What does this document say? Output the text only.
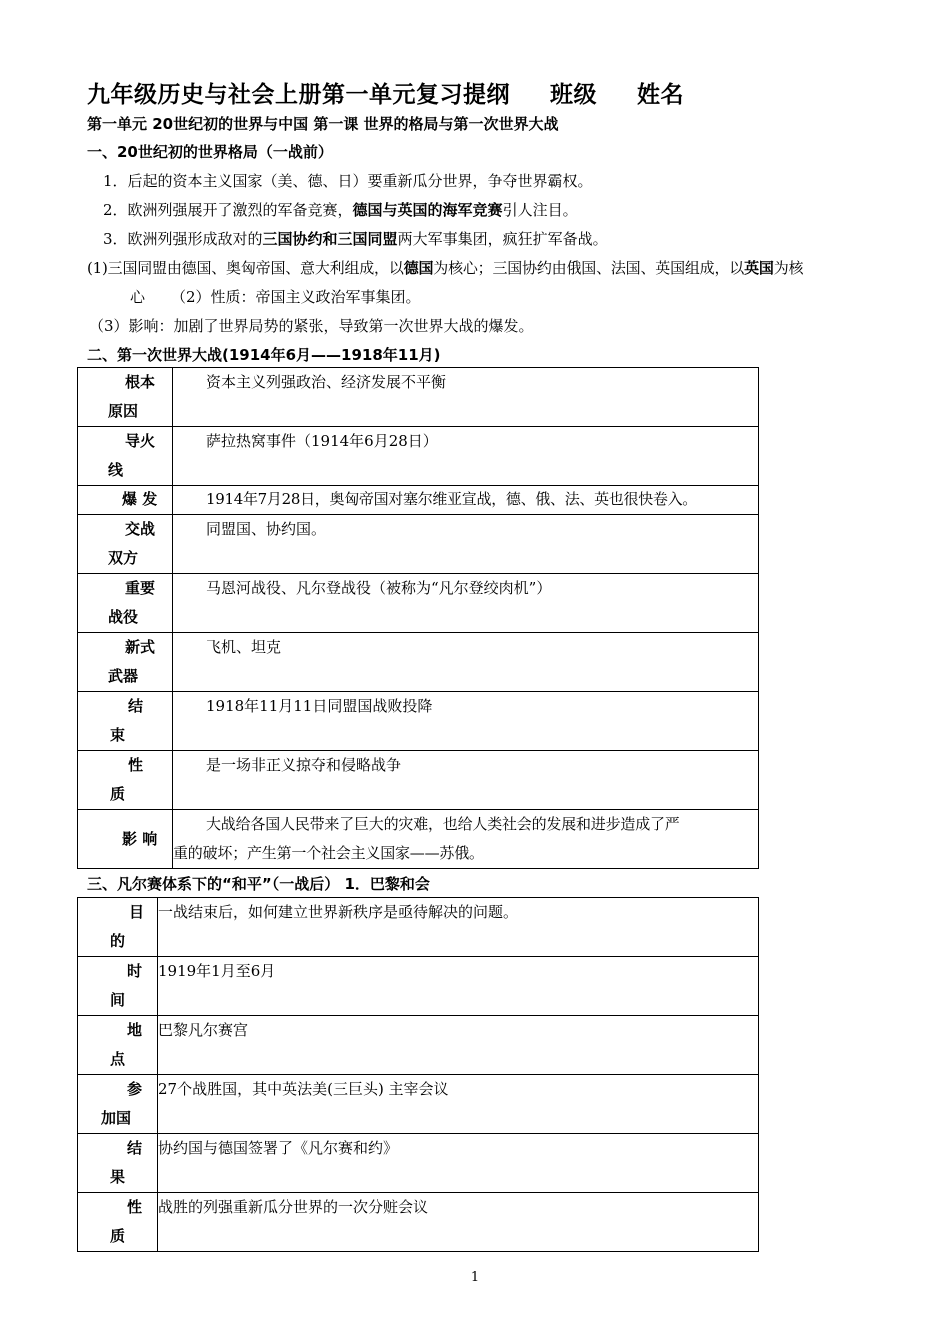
九年级历史与社会上册第一单元复习提纲 班级 姓名
第一单元 20世纪初的世界与中国 第一课 世界的格局与第一次世界大战
一、20世纪初的世界格局（一战前）
1．后起的资本主义国家（美、德、日）要重新瓜分世界，争夺世界霸权。
2．欧洲列强展开了激烈的军备竞赛，德国与英国的海军竞赛引人注目。
3．欧洲列强形成敌对的三国协约和三国同盟两大军事集团，疯狂扩军备战。
(1)三国同盟由德国、奥匈帝国、意大利组成，以德国为核心；三国协约由俄国、法国、英国组成，以英国为核
心 （2）性质：帝国主义政治军事集团。
（3）影响：加剧了世界局势的紧张，导致第一次世界大战的爆发。
二、第一次世界大战(1914年6月——1918年11月)
根本
原因	资本主义列强政治、经济发展不平衡

导火
线	萨拉热窝事件（1914年6月28日）

爆 发	1914年7月28日，奥匈帝国对塞尔维亚宣战，德、俄、法、英也很快卷入。

交战
双方	同盟国、协约国。

重要
战役	马恩河战役、凡尔登战役（被称为“凡尔登绞肉机”）

新式
武器	飞机、坦克

结
束	1918年11月11日同盟国战败投降

性
质	是一场非正义掠夺和侵略战争

影 响	大战给各国人民带来了巨大的灾难，也给人类社会的发展和进步造成了严
重的破坏；产生第一个社会主义国家——苏俄。
三、凡尔赛体系下的“和平”（一战后） 1．巴黎和会
目
的	一战结束后，如何建立世界新秩序是亟待解决的问题。

时
间	1919年1月至6月

地
点	巴黎凡尔赛宫

参
加国	27个战胜国，其中英法美(三巨头) 主宰会议

结
果	协约国与德国签署了《凡尔赛和约》

性
质	战胜的列强重新瓜分世界的一次分赃会议
1
